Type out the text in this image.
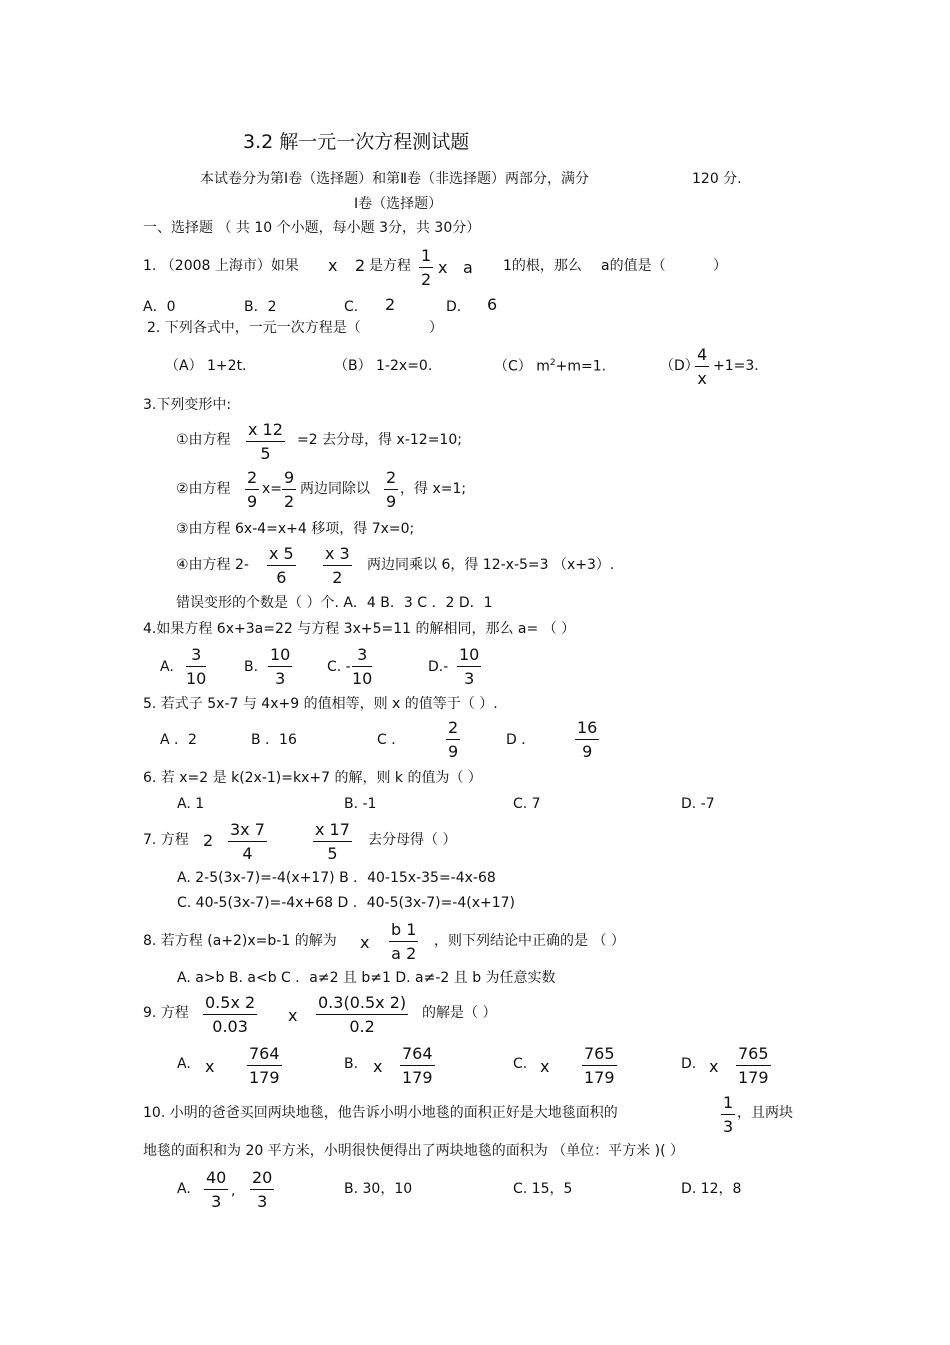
3.2 解一元一次方程测试题
本试卷分为第Ⅰ卷（选择题）和第Ⅱ卷（非选择题）两部分，满分	120 分.
Ⅰ卷（选择题）
一、选择题 （ 共 10 个小题，每小题 3分，共 30分）
1. （2008 上海市）如果 x 2 是方程 $\frac{1}{2}$ x a 1的根，那么 a的值是（	）
A．0	B．2	C. 2	D． 6
2. 下列各式中，一元一次方程是（	）
（A） 1+2t.	（B） 1-2x=0.	（C） $m^2+m=1$.	（D）
$\frac{4}{x} +1=3$.
3.下列变形中:
①由方程 $\frac{x 12}{5} =2$ 去分母，得 x-12=10;
②由方程 $\frac{2}{9} x= \frac{9}{2}$ 两边同除以 $\frac{2}{9}$ ，得 x=1;
③由方程 6x-4=x+4 移项，得 7x=0;
④由方程 $2- \frac{x 5}{6} \frac{x 3}{2}$ 两边同乘以 6，得 12-x-5=3 （x+3）.
错误变形的个数是（ ）个. A．4 B．3 C ．2 D．1
4.如果方程 6x+3a=22 与方程 3x+5=11 的解相同，那么 a= （ ）
A. $\frac{3}{10}$	B. $\frac{10}{3} C$. - $\frac{3}{10}$	$D.- \frac{10}{3}$
5. 若式子 5x-7 与 4x+9 的值相等，则 x 的值等于（ ）.
A ．2	B ．16	C ．	$\frac{2}{9}$	D ． $\frac{16}{9}$
6. 若 x=2 是 k(2x-1)=kx+7 的解，则 k 的值为（ ）
A. 1	B. -1	C. 7	D. -7
7. 方程 $2 \frac{3x 7}{4}$	$\frac{x 17}{5}$ 去分母得（ ）
A. 2-5(3x-7)=-4(x+17) B ．40-15x-35=-4x-68
C. 40-5(3x-7)=-4x+68 D ．40-5(3x-7)=-4(x+17)
8. 若方程 (a+2)x=b-1 的解为 x $\frac{b 1}{a 2}$ ，则下列结论中正确的是 （ ）
A. a>b B. a<b C ．a≠2 且 b≠1 D. a≠-2 且 b 为任意实数
9. 方程 $\frac{0.5x 2}{0.03}$ x $\frac{0.3(0.5x 2)}{0.2}$ 的解是（ ）
A. x $\frac{764}{179}$	B. x $\frac{764}{179}$	C. x $\frac{765}{179}$	D. x $\frac{765}{179}$
10. 小明的爸爸买回两块地毯，他告诉小明小地毯的面积正好是大地毯面积的	$\frac{1}{3}$ ，且两块
地毯的面积和为 20 平方米，小明很快便得出了两块地毯的面积为 （单位：平方米 )( ）
A. $\frac{40}{3}$ , $\frac{20}{3}$	B. 30，10	C. 15，5	D. 12，8
